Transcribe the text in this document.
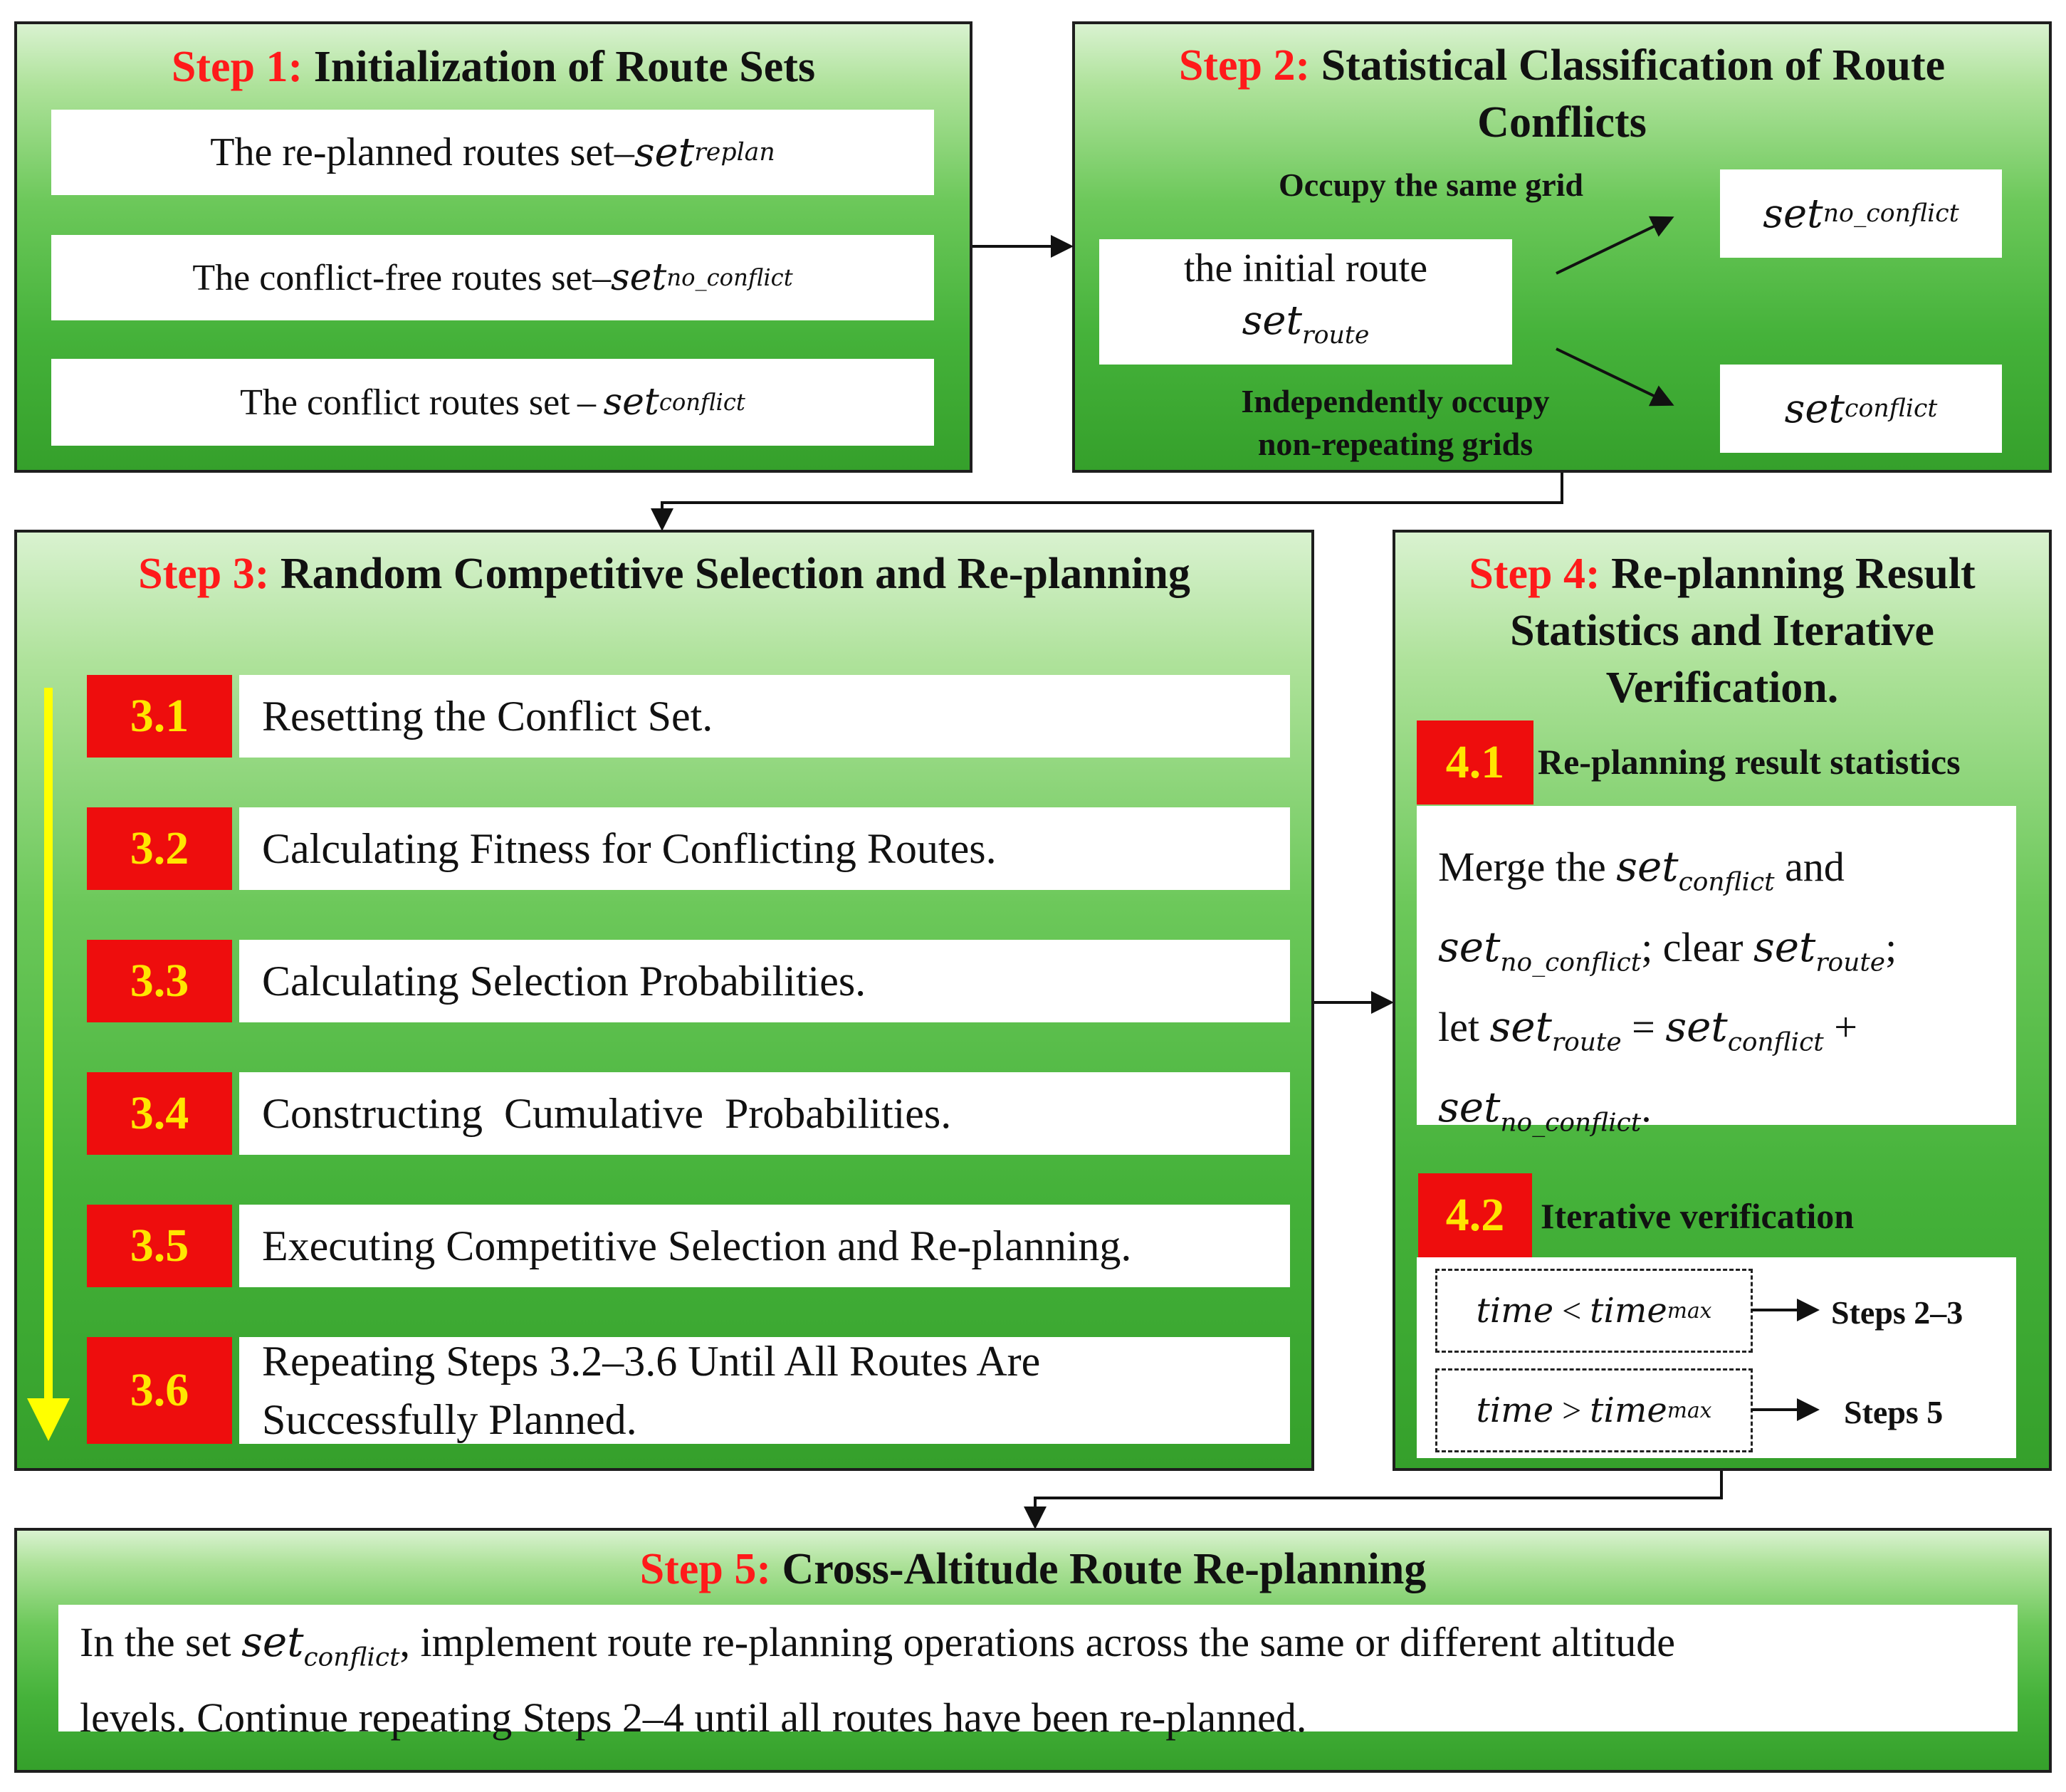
Step 1: Initialization of Route Sets
The re-planned routes set– set replan
The conflict-free routes set– set no_conflict
The conflict routes set –  set conflict
Step 2: Statistical Classification of Route
Conflicts
Occupy the same grid
the initial route
set$_{route}$
Independently occupy
non-repeating grids
set no_conflict
set conflict
Step 3: Random Competitive Selection and Re-planning
3.1	Resetting the Conflict Set.
3.2	Calculating Fitness for Conflicting Routes.
3.3	Calculating Selection Probabilities.
3.4	Constructing  Cumulative  Probabilities.
3.5	Executing Competitive Selection and Re-planning.
3.6
Repeating Steps 3.2–3.6 Until All Routes Are
Successfully Planned.
Step 4: Re-planning Result
Statistics and Iterative
Verification.
4.1 Re-planning result statistics
Merge the set$_{conflict}$ and
set$_{no\_conflict}$; clear set$_{route}$;
let set$_{route}$ = set$_{conflict}$ +
set$_{no\_conflict}$.
4.2	Iterative verification
time < time max	Steps 2–3
time > time max	Steps 5
Step 5: Cross-Altitude Route Re-planning
In the set set$_{conflict}$, implement route re-planning operations across the same or different altitude
levels. Continue repeating Steps 2–4 until all routes have been re-planned.
